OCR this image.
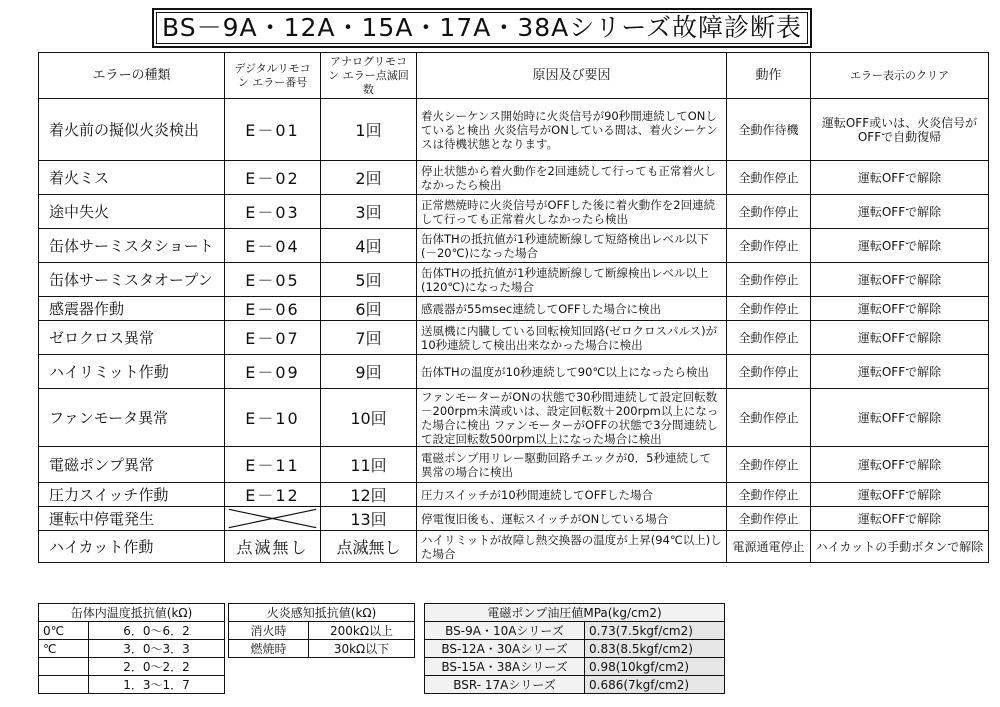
BS－9A・12A・15A・17A・38Aシリーズ故障診断表
エラーの種類	デジタルリモコン エラー番号	アナログリモコン エラー点滅回数	原因及び要因	動作	エラー表示のクリア
着火前の擬似火炎検出	E－01	1回	着火シーケンス開始時に火炎信号が90秒間連続してONしていると検出 火炎信号がONしている間は、着火シーケンスは待機状態となります。	全動作待機	運転OFF或いは、火炎信号がOFFで自動復帰
着火ミス	E－02	2回	停止状態から着火動作を2回連続して行っても正常着火しなかったら検出	全動作停止	運転OFFで解除
途中失火	E－03	3回	正常燃焼時に火炎信号がOFFした後に着火動作を2回連続して行っても正常着火しなかったら検出	全動作停止	運転OFFで解除
缶体サーミスタショート	E－04	4回	缶体THの抵抗値が1秒連続断線して短絡検出レベル以下(－20℃)になった場合	全動作停止	運転OFFで解除
缶体サーミスタオープン	E－05	5回	缶体THの抵抗値が1秒連続断線して断線検出レベル以上(120℃)になった場合	全動作停止	運転OFFで解除
感震器作動	E－06	6回	感震器が55msec連続してOFFした場合に検出	全動作停止	運転OFFで解除
ゼロクロス異常	E－07	7回	送風機に内臓している回転検知回路(ゼロクロスパルス)が10秒連続して検出出来なかった場合に検出	全動作停止	運転OFFで解除
ハイリミット作動	E－09	9回	缶体THの温度が10秒連続して90℃以上になったら検出	全動作停止	運転OFFで解除
ファンモータ異常	E－10	10回	ファンモーターがONの状態で30秒間連続して設定回転数－200rpm未満或いは、設定回転数＋200rpm以上になった場合に検出 ファンモーターがOFFの状態で3分間連続して設定回転数500rpm以上になった場合に検出	全動作停止	運転OFFで解除
電磁ポンプ異常	E－11	11回	電磁ポンプ用リレー駆動回路チエックが0．5秒連続して異常の場合に検出	全動作停止	運転OFFで解除
圧力スイッチ作動	E－12	12回	圧力スイッチが10秒間連続してOFFした場合	全動作停止	運転OFFで解除
運転中停電発生		13回	停電復旧後も、運転スイッチがONしている場合	全動作停止	運転OFFで解除
ハイカット作動	点滅無し	点滅無し	ハイリミットが故障し熱交換器の温度が上昇(94℃以上)した場合	電源通電停止	ハイカットの手動ボタンで解除
缶体内温度抵抗値(kΩ)	
0℃	6．0～6．2
℃	3．0～3．3
	2．0～2．2
	1．3～1．7
火炎感知抵抗値(kΩ)	
消火時	200kΩ以上
燃焼時	30kΩ以下
電磁ポンプ油圧値MPa(kg/cm2)	
BS-9A・10Aシリーズ	0.73(7.5kgf/cm2)
BS-12A・30Aシリーズ	0.83(8.5kgf/cm2)
BS-15A・38Aシリーズ	0.98(10kgf/cm2)
BSR- 17Aシリーズ	0.686(7kgf/cm2)
